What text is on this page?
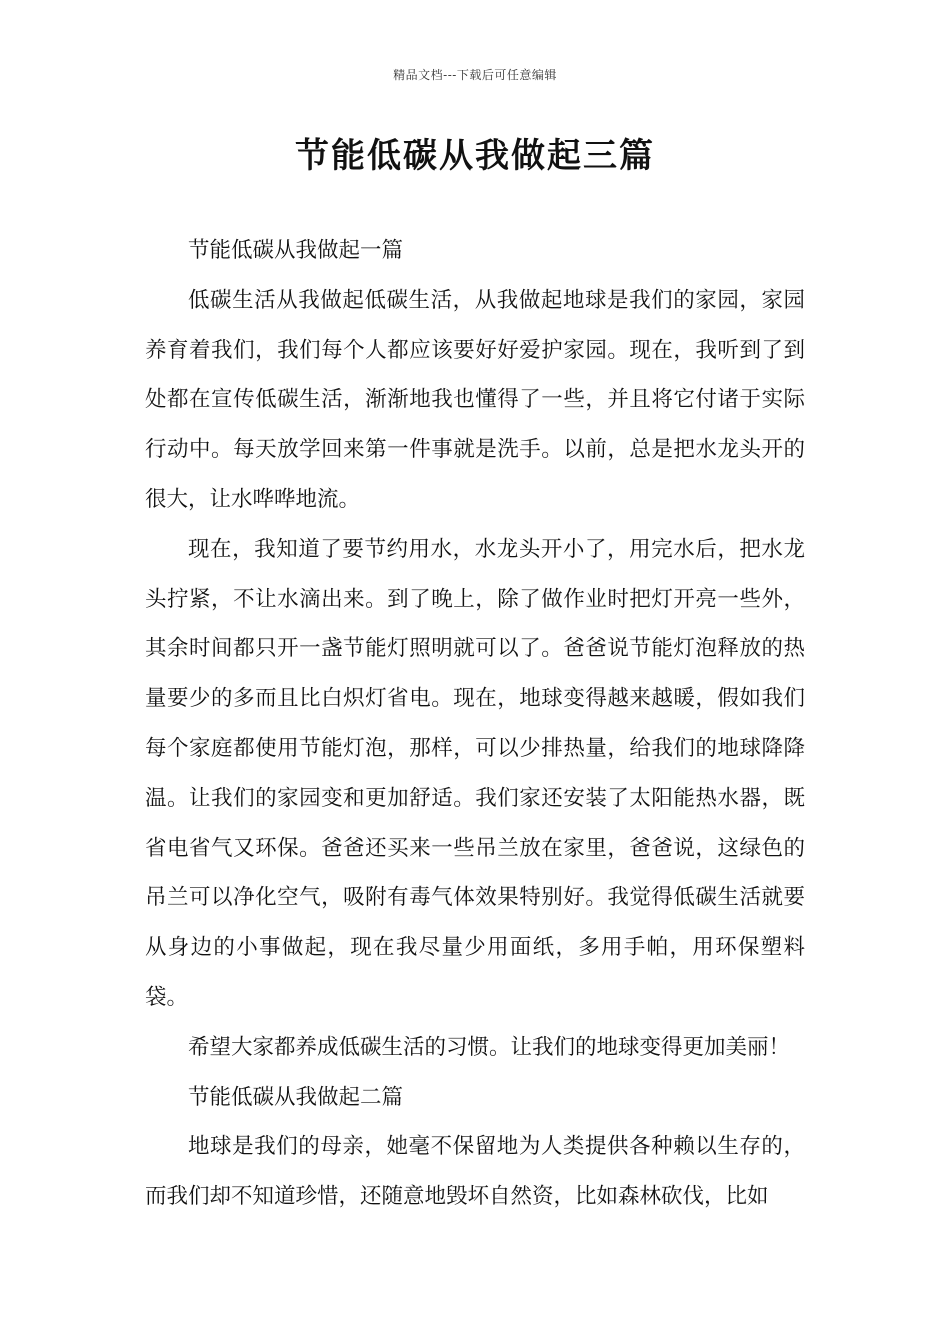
精品文档---下载后可任意编辑
节能低碳从我做起三篇

节能低碳从我做起一篇

低碳生活从我做起低碳生活，从我做起地球是我们的家园，家园养育着我们，我们每个人都应该要好好爱护家园。现在，我听到了到处都在宣传低碳生活，渐渐地我也懂得了一些，并且将它付诸于实际行动中。每天放学回来第一件事就是洗手。以前，总是把水龙头开的很大，让水哗哗地流。

现在，我知道了要节约用水，水龙头开小了，用完水后，把水龙头拧紧，不让水滴出来。到了晚上，除了做作业时把灯开亮一些外，其余时间都只开一盏节能灯照明就可以了。爸爸说节能灯泡释放的热量要少的多而且比白炽灯省电。现在，地球变得越来越暖，假如我们每个家庭都使用节能灯泡，那样，可以少排热量，给我们的地球降降温。让我们的家园变和更加舒适。我们家还安装了太阳能热水器，既省电省气又环保。爸爸还买来一些吊兰放在家里，爸爸说，这绿色的吊兰可以净化空气，吸附有毒气体效果特别好。我觉得低碳生活就要从身边的小事做起，现在我尽量少用面纸，多用手帕，用环保塑料袋。

希望大家都养成低碳生活的习惯。让我们的地球变得更加美丽！

节能低碳从我做起二篇

地球是我们的母亲，她毫不保留地为人类提供各种赖以生存的，而我们却不知道珍惜，还随意地毁坏自然资，比如森林砍伐，比如
